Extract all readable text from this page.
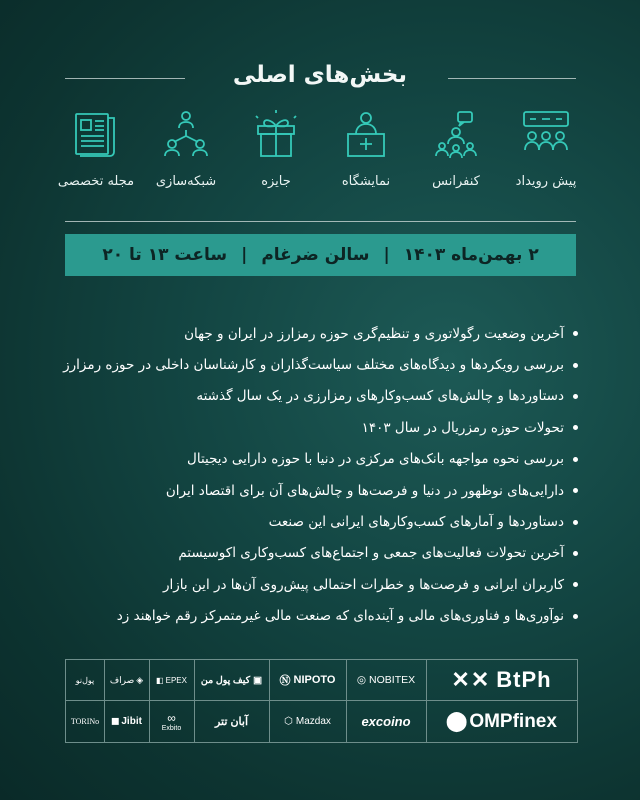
بخش‌های اصلی
پیش رویداد
کنفرانس
نمایشگاه
جایزه
شبکه‌سازی
مجله تخصصی
۲ بهمن‌ماه ۱۴۰۳
|
سالن ضرغام
|
ساعت ۱۳ تا ۲۰
آخرین وضعیت رگولاتوری و تنظیم‌گری حوزه رمزارز در ایران و جهان
بررسی رویکردها و دیدگاه‌های مختلف سیاست‌گذاران و کارشناسان داخلی در حوزه رمزارز
دستاوردها و چالش‌های کسب‌وکارهای رمزارزی در یک سال گذشته
تحولات حوزه رمزریال در سال ۱۴۰۳
بررسی نحوه مواجهه بانک‌های مرکزی در دنیا با حوزه دارایی دیجیتال
دارایی‌های نوظهور در دنیا و فرصت‌ها و چالش‌های آن برای اقتصاد ایران
دستاوردها و آمارهای کسب‌وکارهای ایرانی این صنعت
آخرین تحولات فعالیت‌های جمعی و اجتماع‌های کسب‌وکاری اکوسیستم
کاربران ایرانی و فرصت‌ها و خطرات احتمالی پیش‌روی آن‌ها در این بازار
نوآوری‌ها و فناوری‌های مالی و آینده‌ای که صنعت مالی غیرمتمرکز رقم خواهند زد
✕✕ BtPh
◎ NOBITEX
Ⓝ NIPOTO
کیف پول من ▣
◧ EPEX
صراف ◈
پول‌نو
⬤ OMPfinex
excoino
⬡ Mazdax
آبان تتر
∞
Exbito
◼ Jibit
TORINo
